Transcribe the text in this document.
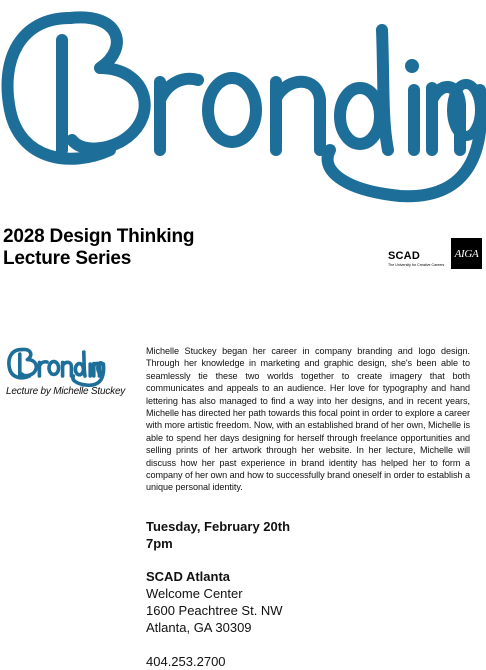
2028 Design Thinking
Lecture Series	SCAD
The University for Creative Careers
AIGA
Lecture by Michelle Stuckey
Michelle Stuckey began her career in company branding and logo design. Through her knowledge in marketing and graphic design, she's been able to seamlessly tie these two worlds together to create imagery that both communicates and appeals to an audience. Her love for typography and hand lettering has also managed to find a way into her designs, and in recent years, Michelle has directed her path towards this focal point in order to explore a career with more artistic freedom. Now, with an established brand of her own, Michelle is able to spend her days designing for herself through freelance opportunities and selling prints of her artwork through her website. In her lecture, Michelle will discuss how her past experience in brand identity has helped her to form a company of her own and how to successfully brand oneself in order to establish a unique personal identity.
Tuesday, February 20th
7pm
SCAD Atlanta
Welcome Center
1600 Peachtree St. NW
Atlanta, GA 30309
404.253.2700
